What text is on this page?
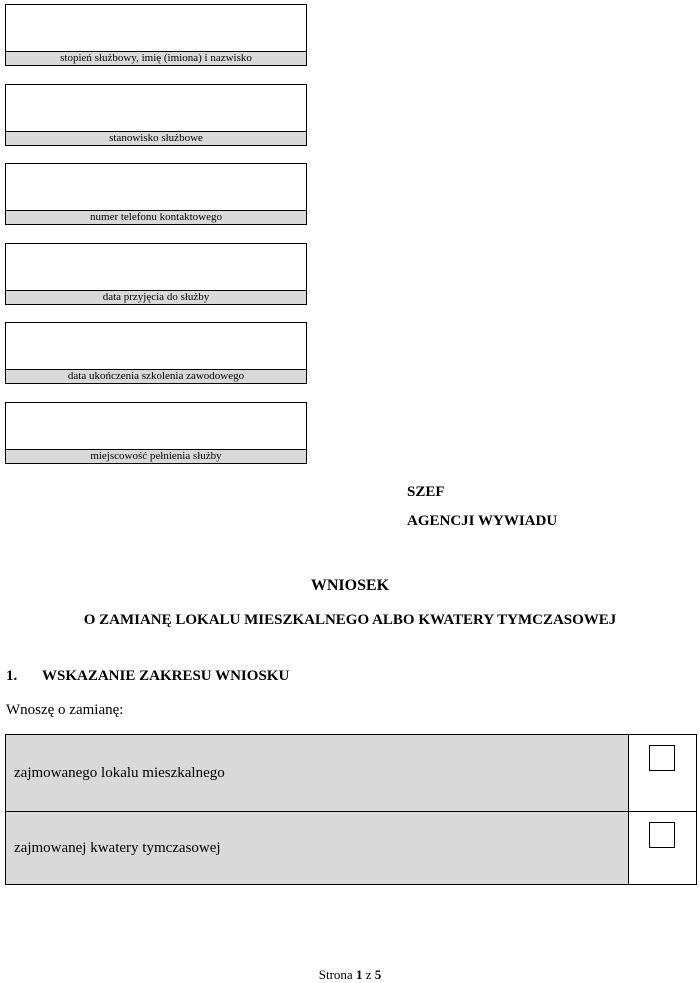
stopień służbowy, imię (imiona) i nazwisko
stanowisko służbowe
numer telefonu kontaktowego
data przyjęcia do służby
data ukończenia szkolenia zawodowego
miejscowość pełnienia służby
SZEF
AGENCJI WYWIADU
WNIOSEK
O ZAMIANĘ LOKALU MIESZKALNEGO ALBO KWATERY TYMCZASOWEJ
1. WSKAZANIE ZAKRESU WNIOSKU
Wnoszę o zamianę:
zajmowanego lokalu mieszkalnego
zajmowanej kwatery tymczasowej
Strona 1 z 5
